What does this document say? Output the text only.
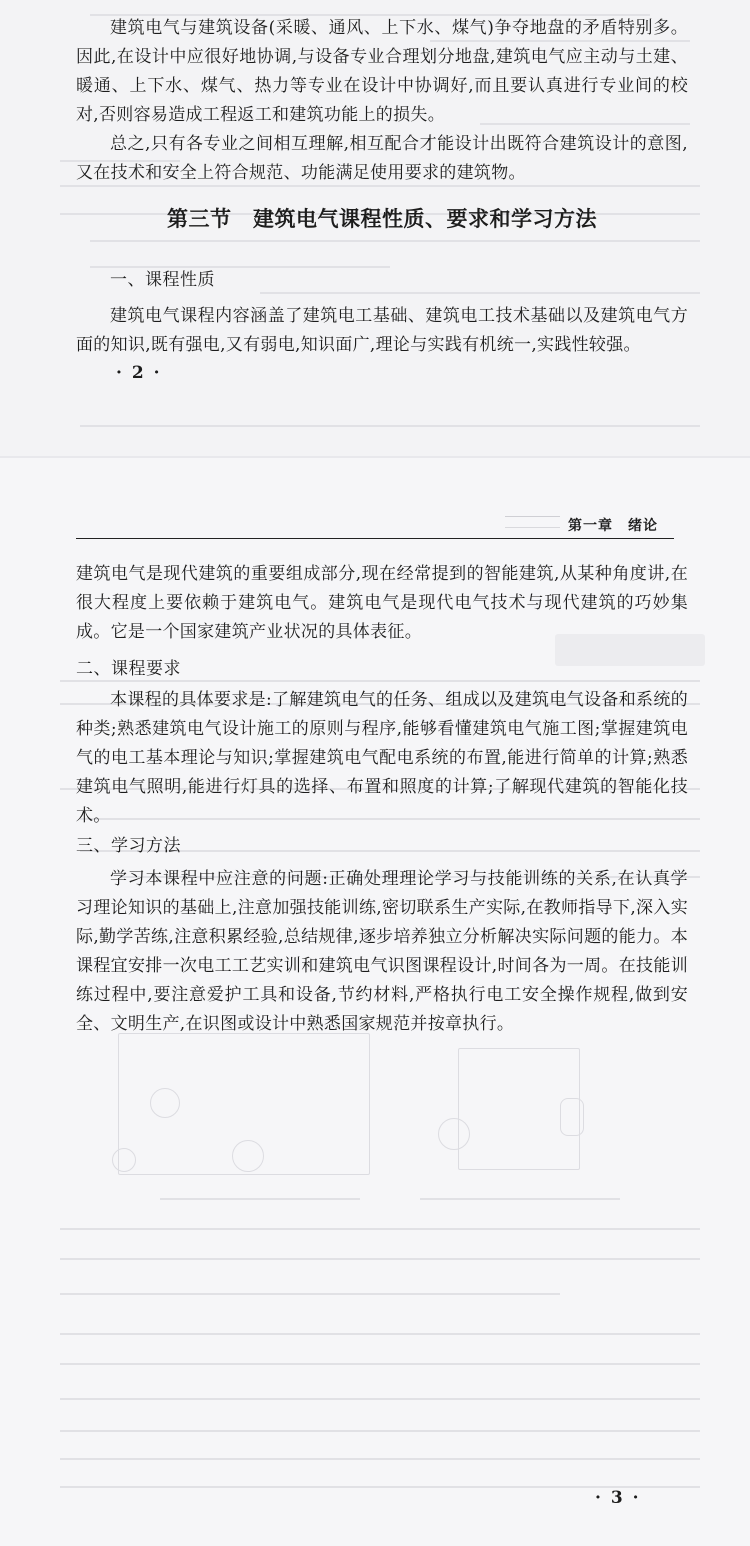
建筑电气与建筑设备(采暖、通风、上下水、煤气)争夺地盘的矛盾特别多。因此,在设计中应很好地协调,与设备专业合理划分地盘,建筑电气应主动与土建、暖通、上下水、煤气、热力等专业在设计中协调好,而且要认真进行专业间的校对,否则容易造成工程返工和建筑功能上的损失。

总之,只有各专业之间相互理解,相互配合才能设计出既符合建筑设计的意图,又在技术和安全上符合规范、功能满足使用要求的建筑物。

第三节　建筑电气课程性质、要求和学习方法
一、课程性质

建筑电气课程内容涵盖了建筑电工基础、建筑电工技术基础以及建筑电气方面的知识,既有强电,又有弱电,知识面广,理论与实践有机统一,实践性较强。

· 2 ·
第一章　绪论

建筑电气是现代建筑的重要组成部分,现在经常提到的智能建筑,从某种角度讲,在很大程度上要依赖于建筑电气。建筑电气是现代电气技术与现代建筑的巧妙集成。它是一个国家建筑产业状况的具体表征。

二、课程要求

本课程的具体要求是:了解建筑电气的任务、组成以及建筑电气设备和系统的种类;熟悉建筑电气设计施工的原则与程序,能够看懂建筑电气施工图;掌握建筑电气的电工基本理论与知识;掌握建筑电气配电系统的布置,能进行简单的计算;熟悉建筑电气照明,能进行灯具的选择、布置和照度的计算;了解现代建筑的智能化技术。

三、学习方法

学习本课程中应注意的问题:正确处理理论学习与技能训练的关系,在认真学习理论知识的基础上,注意加强技能训练,密切联系生产实际,在教师指导下,深入实际,勤学苦练,注意积累经验,总结规律,逐步培养独立分析解决实际问题的能力。本课程宜安排一次电工工艺实训和建筑电气识图课程设计,时间各为一周。在技能训练过程中,要注意爱护工具和设备,节约材料,严格执行电工安全操作规程,做到安全、文明生产,在识图或设计中熟悉国家规范并按章执行。

· 3 ·
